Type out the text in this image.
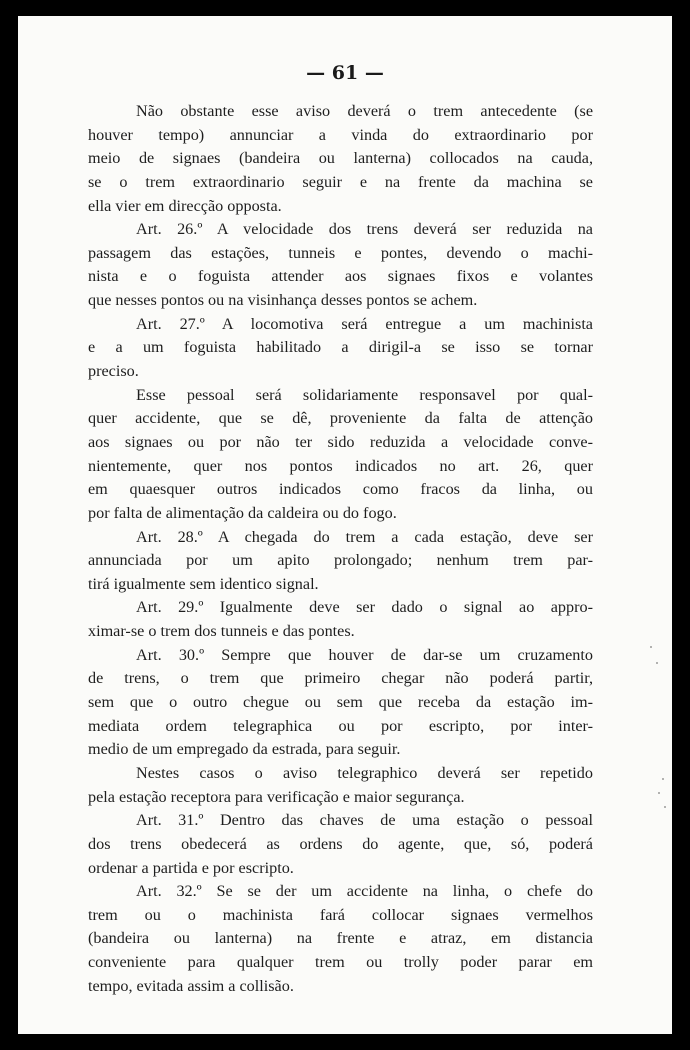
— 61 —
Não obstante esse aviso deverá o trem antecedente (se
houver tempo) annunciar a vinda do extraordinario por
meio de signaes (bandeira ou lanterna) collocados na cauda,
se o trem extraordinario seguir e na frente da machina se
ella vier em direcção opposta.
Art. 26.º A velocidade dos trens deverá ser reduzida na
passagem das estações, tunneis e pontes, devendo o machi-
nista e o foguista attender aos signaes fixos e volantes
que nesses pontos ou na visinhança desses pontos se achem.
Art. 27.º A locomotiva será entregue a um machinista
e a um foguista habilitado a dirigil-a se isso se tornar
preciso.
Esse pessoal será solidariamente responsavel por qual-
quer accidente, que se dê, proveniente da falta de attenção
aos signaes ou por não ter sido reduzida a velocidade conve-
nientemente, quer nos pontos indicados no art. 26, quer
em quaesquer outros indicados como fracos da linha, ou
por falta de alimentação da caldeira ou do fogo.
Art. 28.º A chegada do trem a cada estação, deve ser
annunciada por um apito prolongado; nenhum trem par-
tirá igualmente sem identico signal.
Art. 29.º Igualmente deve ser dado o signal ao appro-
ximar-se o trem dos tunneis e das pontes.
Art. 30.º Sempre que houver de dar-se um cruzamento
de trens, o trem que primeiro chegar não poderá partir,
sem que o outro chegue ou sem que receba da estação im-
mediata ordem telegraphica ou por escripto, por inter-
medio de um empregado da estrada, para seguir.
Nestes casos o aviso telegraphico deverá ser repetido
pela estação receptora para verificação e maior segurança.
Art. 31.º Dentro das chaves de uma estação o pessoal
dos trens obedecerá as ordens do agente, que, só, poderá
ordenar a partida e por escripto.
Art. 32.º Se se der um accidente na linha, o chefe do
trem ou o machinista fará collocar signaes vermelhos
(bandeira ou lanterna) na frente e atraz, em distancia
conveniente para qualquer trem ou trolly poder parar em
tempo, evitada assim a collisão.
